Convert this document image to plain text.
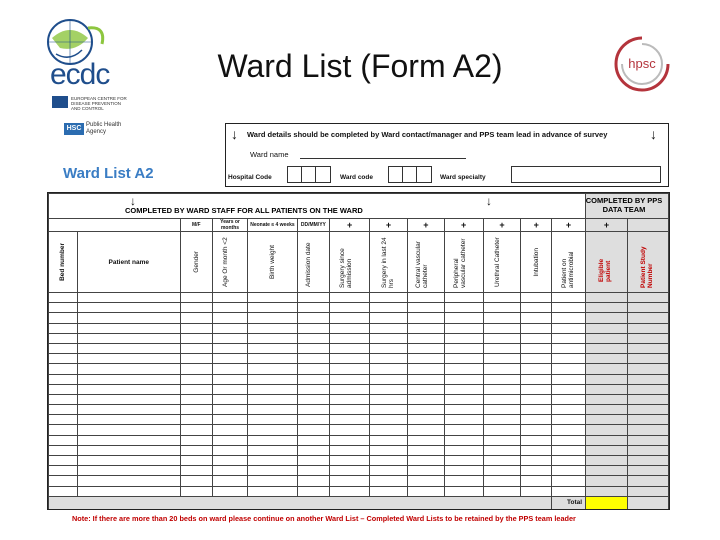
Ward List (Form A2)
ecdc
EUROPEAN CENTRE FOR DISEASE PREVENTION AND CONTROL
HSC Public Health Agency
hpsc
Ward List A2
↓ Ward details should be completed by Ward contact/manager and PPS team lead in advance of survey	↓
Ward name
Hospital Code	Ward code	Ward specialty

		M/F	Years or months	Neonate ≤ 4 weeks	DD/MM/YY	+	+	+	+	+	+	+	+	

Bed number	Patient name	Gender	Age Or month <2	Birth weight	Admission date	Surgery since admission	Surgery in last 24 hrs	Central vascular catheter	Peripheral vascular catheter	Urethral Catheter	Intubation	Patient on antimicrobial	Eligible patient	Patient Study Number

												Total		
↓
COMPLETED BY WARD STAFF FOR ALL PATIENTS ON THE WARD
↓	COMPLETED BY PPS DATA TEAM
Note: If there are more than 20 beds on ward please continue on another Ward List – Completed Ward Lists to be retained by the PPS team leader
